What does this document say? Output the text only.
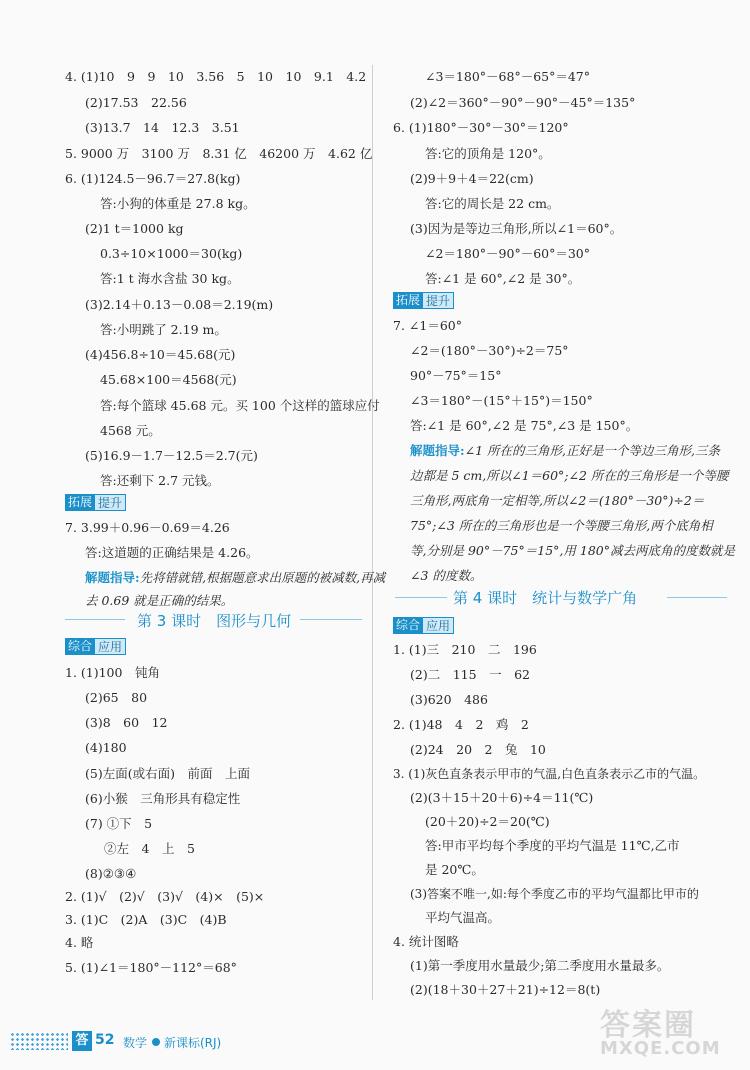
4. (1)10　9　9　10　3.56　5　10　10　9.1　4.2
(2)17.53　22.56
(3)13.7　14　12.3　3.51
5. 9000 万　3100 万　8.31 亿　46200 万　4.62 亿
6. (1)124.5－96.7＝27.8(kg)
答:小狗的体重是 27.8 kg。
(2)1 t＝1000 kg
0.3÷10×1000＝30(kg)
答:1 t 海水含盐 30 kg。
(3)2.14＋0.13－0.08＝2.19(m)
答:小明跳了 2.19 m。
(4)456.8÷10＝45.68(元)
45.68×100＝4568(元)
答:每个篮球 45.68 元。买 100 个这样的篮球应付
4568 元。
(5)16.9－1.7－12.5＝2.7(元)
答:还剩下 2.7 元钱。
拓展 提升
7. 3.99＋0.96－0.69＝4.26
答:这道题的正确结果是 4.26。
解题指导:先将错就错,根据题意求出原题的被减数,再减
去 0.69 就是正确的结果。
第 3 课时　图形与几何
综合 应用
1. (1)100　钝角
(2)65　80
(3)8　60　12
(4)180
(5)左面(或右面)　前面　上面
(6)小猴　三角形具有稳定性
(7) ①下　5
②左　4　上　5
(8)②③④
2. (1)√　(2)√　(3)√　(4)×　(5)×
3. (1)C　(2)A　(3)C　(4)B
4. 略
5. (1)∠1＝180°－112°＝68°
∠3＝180°－68°－65°＝47°
(2)∠2＝360°－90°－90°－45°＝135°
6. (1)180°－30°－30°＝120°
答:它的顶角是 120°。
(2)9＋9＋4＝22(cm)
答:它的周长是 22 cm。
(3)因为是等边三角形,所以∠1＝60°。
∠2＝180°－90°－60°＝30°
答:∠1 是 60°,∠2 是 30°。
拓展 提升
7. ∠1＝60°
∠2＝(180°－30°)÷2＝75°
90°－75°＝15°
∠3＝180°－(15°＋15°)＝150°
答:∠1 是 60°,∠2 是 75°,∠3 是 150°。
解题指导:∠1 所在的三角形,正好是一个等边三角形,三条
边都是 5 cm,所以∠1＝60°;∠2 所在的三角形是一个等腰
三角形,两底角一定相等,所以∠2＝(180°－30°)÷2＝
75°;∠3 所在的三角形也是一个等腰三角形,两个底角相
等,分别是 90°－75°＝15°,用 180°减去两底角的度数就是
∠3 的度数。
第 4 课时　统计与数学广角
综合 应用
1. (1)三　210　二　196
(2)二　115　一　62
(3)620　486
2. (1)48　4　2　鸡　2
(2)24　20　2　兔　10
3. (1)灰色直条表示甲市的气温,白色直条表示乙市的气温。
(2)(3＋15＋20＋6)÷4＝11(℃)
(20＋20)÷2＝20(℃)
答:甲市平均每个季度的平均气温是 11℃,乙市
是 20℃。
(3)答案不唯一,如:每个季度乙市的平均气温都比甲市的
平均气温高。
4. 统计图略
(1)第一季度用水量最少;第二季度用水量最多。
(2)(18＋30＋27＋21)÷12＝8(t)
答 52 数学 新课标(RJ)	答案圈
MXQE.COM
